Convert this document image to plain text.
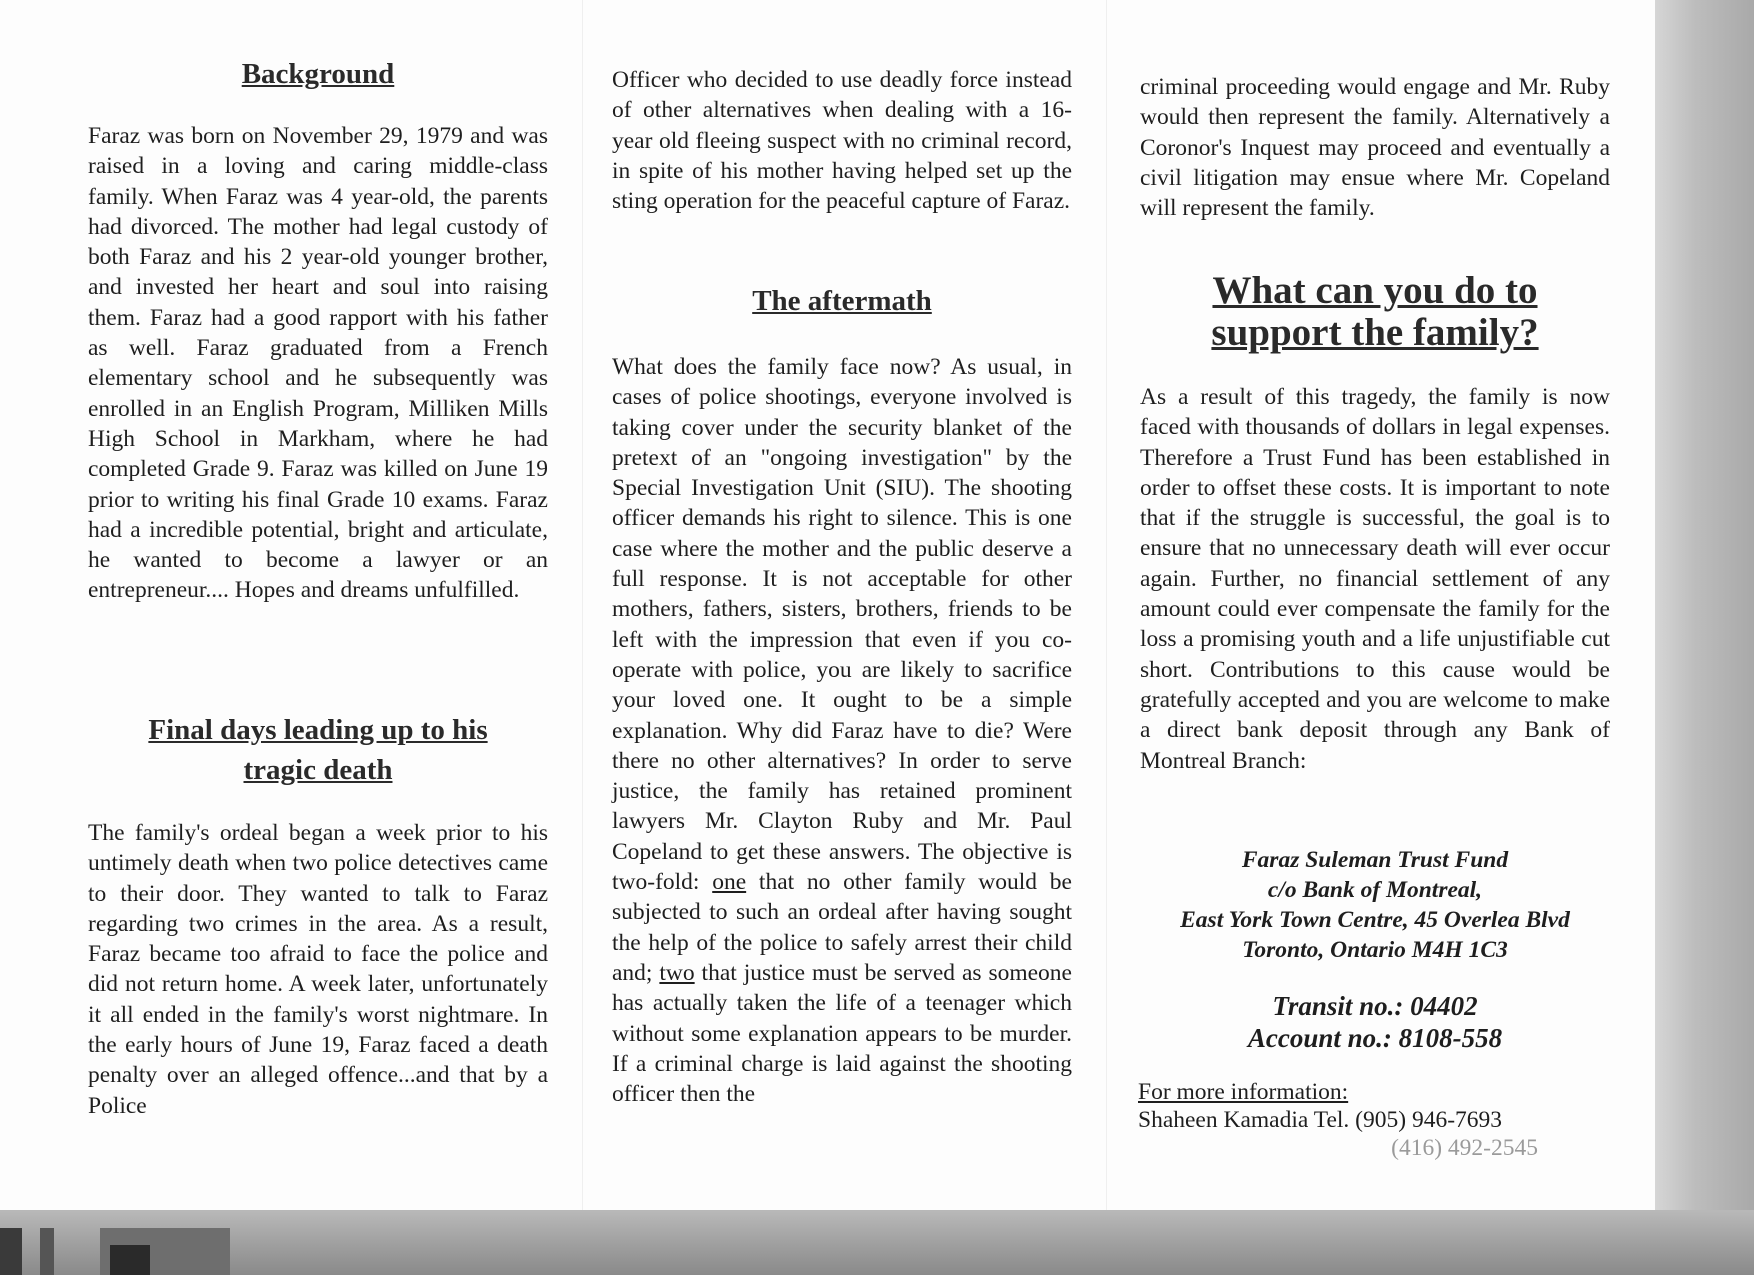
Background

Faraz was born on November 29, 1979 and was raised in a loving and caring middle-class family. When Faraz was 4 year-old, the parents had divorced. The mother had legal custody of both Faraz and his 2 year-old younger brother, and invested her heart and soul into raising them. Faraz had a good rapport with his father as well. Faraz graduated from a French elementary school and he subsequently was enrolled in an English Program, Milliken Mills High School in Markham, where he had completed Grade 9. Faraz was killed on June 19 prior to writing his final Grade 10 exams. Faraz had a incredible potential, bright and articulate, he wanted to become a lawyer or an entrepreneur.... Hopes and dreams unfulfilled.

Final days leading up to his
tragic death

The family's ordeal began a week prior to his untimely death when two police detectives came to their door. They wanted to talk to Faraz regarding two crimes in the area. As a result, Faraz became too afraid to face the police and did not return home. A week later, unfortunately it all ended in the family's worst nightmare. In the early hours of June 19, Faraz faced a death penalty over an alleged offence...and that by a Police

Officer who decided to use deadly force instead of other alternatives when dealing with a 16-year old fleeing suspect with no criminal record, in spite of his mother having helped set up the sting operation for the peaceful capture of Faraz.

The aftermath

What does the family face now? As usual, in cases of police shootings, everyone involved is taking cover under the security blanket of the pretext of an "ongoing investigation" by the Special Investigation Unit (SIU). The shooting officer demands his right to silence. This is one case where the mother and the public deserve a full response. It is not acceptable for other mothers, fathers, sisters, brothers, friends to be left with the impression that even if you co-operate with police, you are likely to sacrifice your loved one. It ought to be a simple explanation. Why did Faraz have to die? Were there no other alternatives? In order to serve justice, the family has retained prominent lawyers Mr. Clayton Ruby and Mr. Paul Copeland to get these answers. The objective is two-fold: one that no other family would be subjected to such an ordeal after having sought the help of the police to safely arrest their child and; two that justice must be served as someone has actually taken the life of a teenager which without some explanation appears to be murder. If a criminal charge is laid against the shooting officer then the

criminal proceeding would engage and Mr. Ruby would then represent the family. Alternatively a Coronor's Inquest may proceed and eventually a civil litigation may ensue where Mr. Copeland will represent the family.

What can you do to
support the family?

As a result of this tragedy, the family is now faced with thousands of dollars in legal expenses. Therefore a Trust Fund has been established in order to offset these costs. It is important to note that if the struggle is successful, the goal is to ensure that no unnecessary death will ever occur again. Further, no financial settlement of any amount could ever compensate the family for the loss a promising youth and a life unjustifiable cut short. Contributions to this cause would be gratefully accepted and you are welcome to make a direct bank deposit through any Bank of Montreal Branch:

Faraz Suleman Trust Fund
c/o Bank of Montreal,
East York Town Centre, 45 Overlea Blvd
Toronto, Ontario M4H 1C3
Transit no.: 04402
Account no.: 8108-558
For more information:
Shaheen Kamadia Tel. (905) 946-7693
(416) 492-2545
